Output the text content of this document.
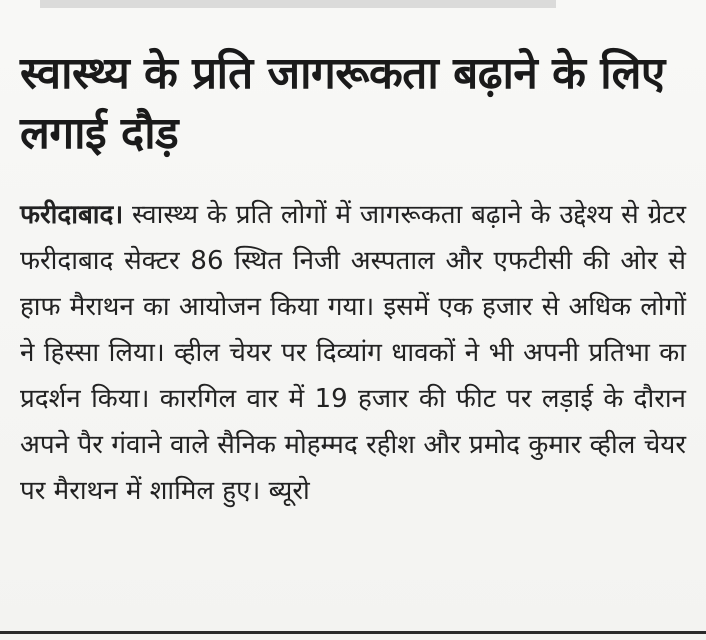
स्वास्थ्य के प्रति जागरूकता बढ़ाने के लिए लगाई दौड़

फरीदाबाद। स्वास्थ्य के प्रति लोगों में जागरूकता बढ़ाने के उद्देश्य से ग्रेटर फरीदाबाद सेक्टर 86 स्थित निजी अस्पताल और एफटीसी की ओर से हाफ मैराथन का आयोजन किया गया। इसमें एक हजार से अधिक लोगों ने हिस्सा लिया। व्हील चेयर पर दिव्यांग धावकों ने भी अपनी प्रतिभा का प्रदर्शन किया। कारगिल वार में 19 हजार की फीट पर लड़ाई के दौरान अपने पैर गंवाने वाले सैनिक मोहम्मद रहीश और प्रमोद कुमार व्हील चेयर पर मैराथन में शामिल हुए। ब्यूरो
